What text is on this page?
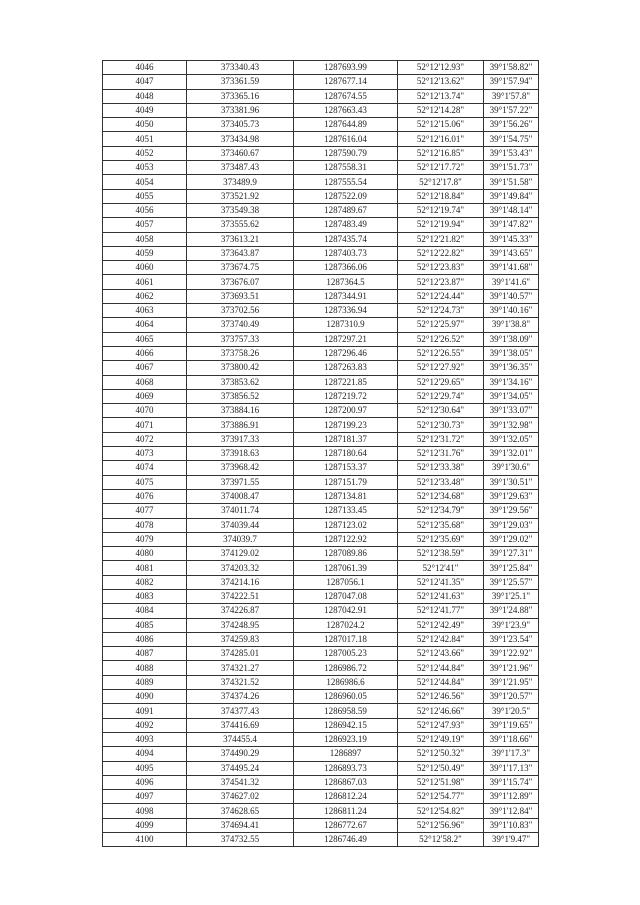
4046	373340.43	1287693.99	52°12'12.93"	39°1'58.82"
4047	373361.59	1287677.14	52°12'13.62"	39°1'57.94"
4048	373365.16	1287674.55	52°12'13.74"	39°1'57.8"
4049	373381.96	1287663.43	52°12'14.28"	39°1'57.22"
4050	373405.73	1287644.89	52°12'15.06"	39°1'56.26"
4051	373434.98	1287616.04	52°12'16.01"	39°1'54.75"
4052	373460.67	1287590.79	52°12'16.85"	39°1'53.43"
4053	373487.43	1287558.31	52°12'17.72"	39°1'51.73"
4054	373489.9	1287555.54	52°12'17.8"	39°1'51.58"
4055	373521.92	1287522.09	52°12'18.84"	39°1'49.84"
4056	373549.38	1287489.67	52°12'19.74"	39°1'48.14"
4057	373555.62	1287483.49	52°12'19.94"	39°1'47.82"
4058	373613.21	1287435.74	52°12'21.82"	39°1'45.33"
4059	373643.87	1287403.73	52°12'22.82"	39°1'43.65"
4060	373674.75	1287366.06	52°12'23.83"	39°1'41.68"
4061	373676.07	1287364.5	52°12'23.87"	39°1'41.6"
4062	373693.51	1287344.91	52°12'24.44"	39°1'40.57"
4063	373702.56	1287336.94	52°12'24.73"	39°1'40.16"
4064	373740.49	1287310.9	52°12'25.97"	39°1'38.8"
4065	373757.33	1287297.21	52°12'26.52"	39°1'38.09"
4066	373758.26	1287296.46	52°12'26.55"	39°1'38.05"
4067	373800.42	1287263.83	52°12'27.92"	39°1'36.35"
4068	373853.62	1287221.85	52°12'29.65"	39°1'34.16"
4069	373856.52	1287219.72	52°12'29.74"	39°1'34.05"
4070	373884.16	1287200.97	52°12'30.64"	39°1'33.07"
4071	373886.91	1287199.23	52°12'30.73"	39°1'32.98"
4072	373917.33	1287181.37	52°12'31.72"	39°1'32.05"
4073	373918.63	1287180.64	52°12'31.76"	39°1'32.01"
4074	373968.42	1287153.37	52°12'33.38"	39°1'30.6"
4075	373971.55	1287151.79	52°12'33.48"	39°1'30.51"
4076	374008.47	1287134.81	52°12'34.68"	39°1'29.63"
4077	374011.74	1287133.45	52°12'34.79"	39°1'29.56"
4078	374039.44	1287123.02	52°12'35.68"	39°1'29.03"
4079	374039.7	1287122.92	52°12'35.69"	39°1'29.02"
4080	374129.02	1287089.86	52°12'38.59"	39°1'27.31"
4081	374203.32	1287061.39	52°12'41"	39°1'25.84"
4082	374214.16	1287056.1	52°12'41.35"	39°1'25.57"
4083	374222.51	1287047.08	52°12'41.63"	39°1'25.1"
4084	374226.87	1287042.91	52°12'41.77"	39°1'24.88"
4085	374248.95	1287024.2	52°12'42.49"	39°1'23.9"
4086	374259.83	1287017.18	52°12'42.84"	39°1'23.54"
4087	374285.01	1287005.23	52°12'43.66"	39°1'22.92"
4088	374321.27	1286986.72	52°12'44.84"	39°1'21.96"
4089	374321.52	1286986.6	52°12'44.84"	39°1'21.95"
4090	374374.26	1286960.05	52°12'46.56"	39°1'20.57"
4091	374377.43	1286958.59	52°12'46.66"	39°1'20.5"
4092	374416.69	1286942.15	52°12'47.93"	39°1'19.65"
4093	374455.4	1286923.19	52°12'49.19"	39°1'18.66"
4094	374490.29	1286897	52°12'50.32"	39°1'17.3"
4095	374495.24	1286893.73	52°12'50.49"	39°1'17.13"
4096	374541.32	1286867.03	52°12'51.98"	39°1'15.74"
4097	374627.02	1286812.24	52°12'54.77"	39°1'12.89"
4098	374628.65	1286811.24	52°12'54.82"	39°1'12.84"
4099	374694.41	1286772.67	52°12'56.96"	39°1'10.83"
4100	374732.55	1286746.49	52°12'58.2"	39°1'9.47"
